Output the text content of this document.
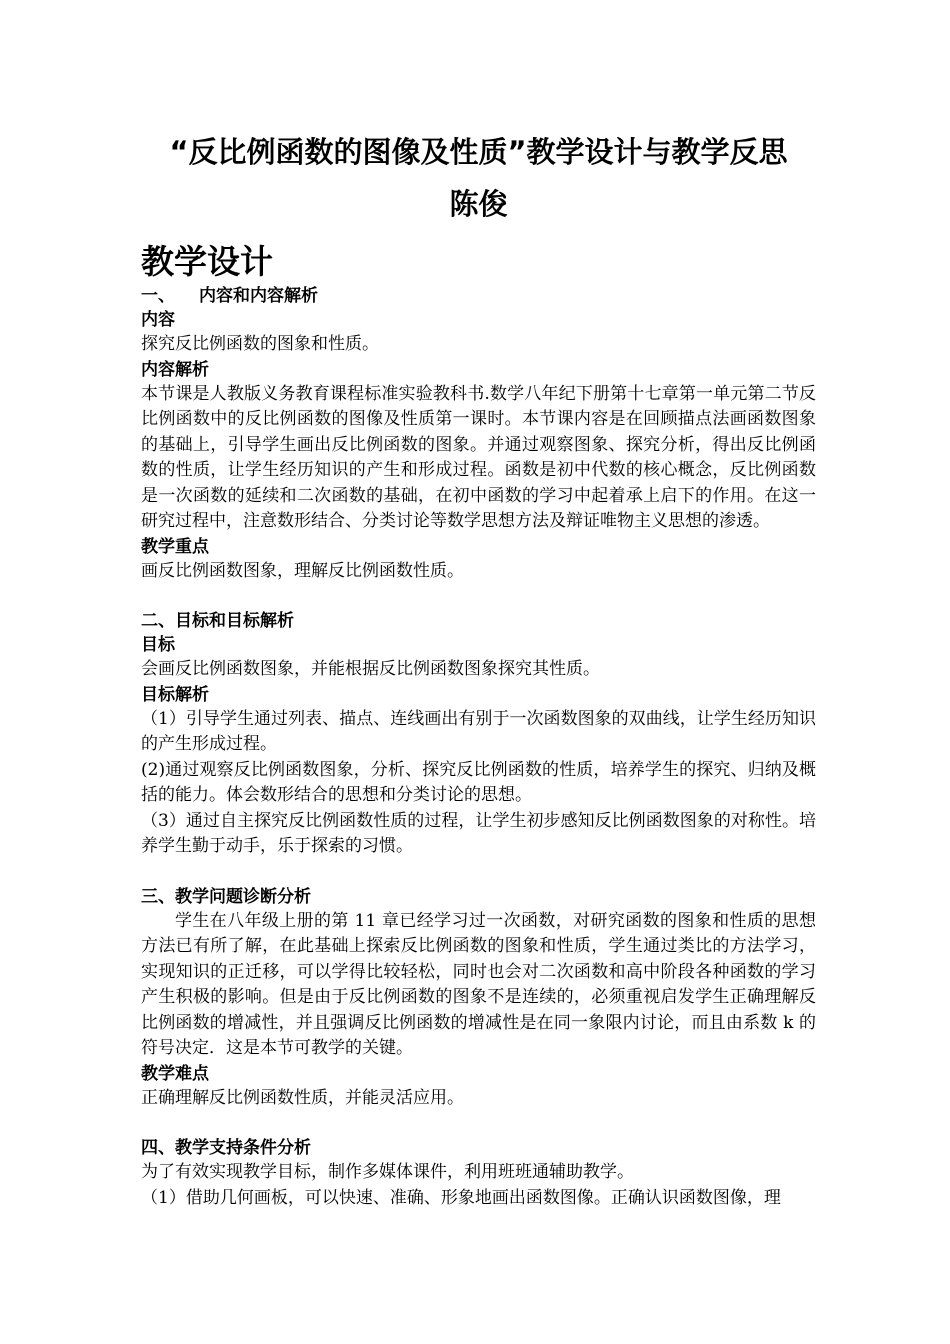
“反比例函数的图像及性质”教学设计与教学反思
陈俊
教学设计
一、 内容和内容解析
内容

探究反比例函数的图象和性质。

内容解析

本节课是人教版义务教育课程标准实验教科书.数学八年纪下册第十七章第一单元第二节反比例函数中的反比例函数的图像及性质第一课时。本节课内容是在回顾描点法画函数图象的基础上，引导学生画出反比例函数的图象。并通过观察图象、探究分析，得出反比例函数的性质，让学生经历知识的产生和形成过程。函数是初中代数的核心概念，反比例函数是一次函数的延续和二次函数的基础，在初中函数的学习中起着承上启下的作用。在这一研究过程中，注意数形结合、分类讨论等数学思想方法及辩证唯物主义思想的渗透。

教学重点

画反比例函数图象，理解反比例函数性质。

二、目标和目标解析
目标

会画反比例函数图象，并能根据反比例函数图象探究其性质。

目标解析

（1）引导学生通过列表、描点、连线画出有别于一次函数图象的双曲线，让学生经历知识的产生形成过程。

(2)通过观察反比例函数图象，分析、探究反比例函数的性质，培养学生的探究、归纳及概括的能力。体会数形结合的思想和分类讨论的思想。

（3）通过自主探究反比例函数性质的过程，让学生初步感知反比例函数图象的对称性。培养学生勤于动手，乐于探索的习惯。

三、教学问题诊断分析

学生在八年级上册的第 11 章已经学习过一次函数，对研究函数的图象和性质的思想方法已有所了解，在此基础上探索反比例函数的图象和性质，学生通过类比的方法学习，实现知识的正迁移，可以学得比较轻松，同时也会对二次函数和高中阶段各种函数的学习产生积极的影响。但是由于反比例函数的图象不是连续的，必须重视启发学生正确理解反比例函数的增减性，并且强调反比例函数的增减性是在同一象限内讨论，而且由系数 k 的符号决定．这是本节可教学的关键。

教学难点

正确理解反比例函数性质，并能灵活应用。

四、教学支持条件分析

为了有效实现教学目标，制作多媒体课件，利用班班通辅助教学。

（1）借助几何画板，可以快速、准确、形象地画出函数图像。正确认识函数图像，理
